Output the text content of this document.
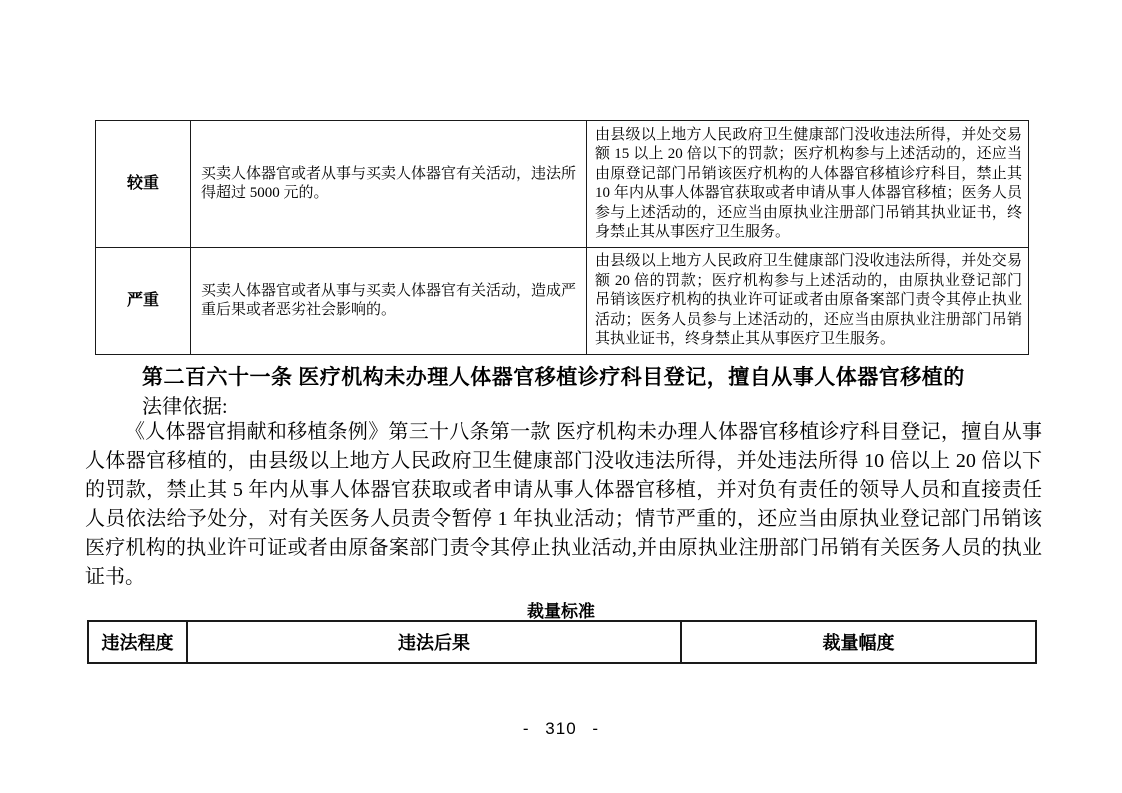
较重	买卖人体器官或者从事与买卖人体器官有关活动，违法所得超过 5000 元的。	由县级以上地方人民政府卫生健康部门没收违法所得，并处交易额 15 以上 20 倍以下的罚款；医疗机构参与上述活动的，还应当由原登记部门吊销该医疗机构的人体器官移植诊疗科目，禁止其 10 年内从事人体器官获取或者申请从事人体器官移植；医务人员参与上述活动的，还应当由原执业注册部门吊销其执业证书，终身禁止其从事医疗卫生服务。
严重	买卖人体器官或者从事与买卖人体器官有关活动，造成严重后果或者恶劣社会影响的。	由县级以上地方人民政府卫生健康部门没收违法所得，并处交易额 20 倍的罚款；医疗机构参与上述活动的，由原执业登记部门吊销该医疗机构的执业许可证或者由原备案部门责令其停止执业活动；医务人员参与上述活动的，还应当由原执业注册部门吊销其执业证书，终身禁止其从事医疗卫生服务。
第二百六十一条 医疗机构未办理人体器官移植诊疗科目登记，擅自从事人体器官移植的
法律依据:
《人体器官捐献和移植条例》第三十八条第一款 医疗机构未办理人体器官移植诊疗科目登记，擅自从事人体器官移植的，由县级以上地方人民政府卫生健康部门没收违法所得，并处违法所得 10 倍以上 20 倍以下的罚款，禁止其 5 年内从事人体器官获取或者申请从事人体器官移植，并对负有责任的领导人员和直接责任人员依法给予处分，对有关医务人员责令暂停 1 年执业活动；情节严重的，还应当由原执业登记部门吊销该医疗机构的执业许可证或者由原备案部门责令其停止执业活动,并由原执业注册部门吊销有关医务人员的执业证书。
裁量标准
违法程度	违法后果	裁量幅度
- 310 -
